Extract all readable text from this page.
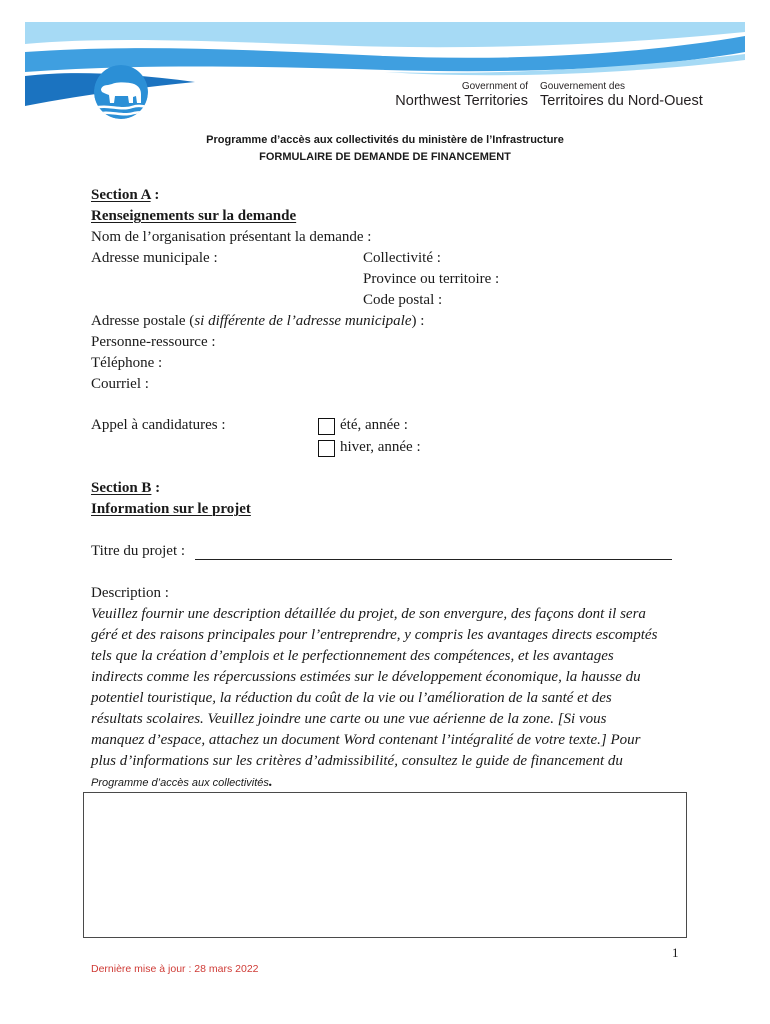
Government of
Northwest Territories
Gouvernement des
Territoires du Nord-Ouest
Programme d’accès aux collectivités du ministère de l’Infrastructure
FORMULAIRE DE DEMANDE DE FINANCEMENT
Section A :
Renseignements sur la demande
Nom de l’organisation présentant la demande :
Adresse municipale :	Collectivité :
Province ou territoire :
Code postal :
Adresse postale (si différente de l’adresse municipale) :
Personne-ressource :
Téléphone :
Courriel :
Appel à candidatures :	été, année :
hiver, année :
Section B :
Information sur le projet
Titre du projet :
Description :
Veuillez fournir une description détaillée du projet, de son envergure, des façons dont il sera
géré et des raisons principales pour l’entreprendre, y compris les avantages directs escomptés
tels que la création d’emplois et le perfectionnement des compétences, et les avantages
indirects comme les répercussions estimées sur le développement économique, la hausse du
potentiel touristique, la réduction du coût de la vie ou l’amélioration de la santé et des
résultats scolaires. Veuillez joindre une carte ou une vue aérienne de la zone. [Si vous
manquez d’espace, attachez un document Word contenant l’intégralité de votre texte.] Pour
plus d’informations sur les critères d’admissibilité, consultez le guide de financement du
Programme d’accès aux collectivités.
1
Dernière mise à jour : 28 mars 2022
